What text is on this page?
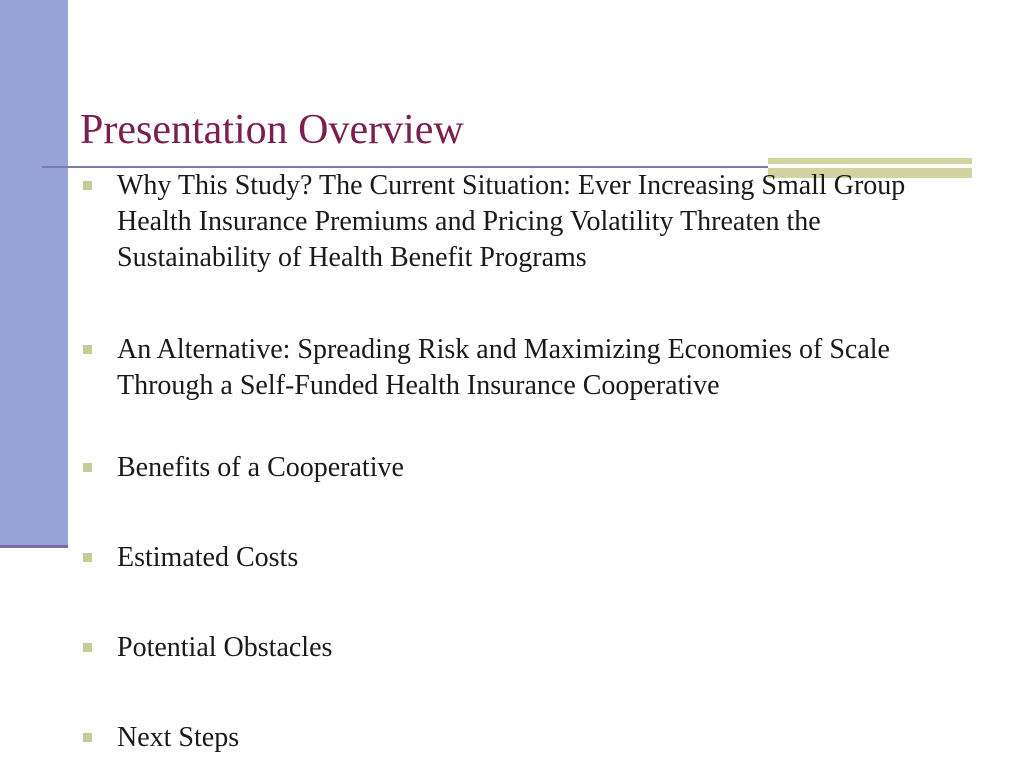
Presentation Overview
Why This Study? The Current Situation: Ever Increasing Small Group Health Insurance Premiums and Pricing Volatility Threaten the Sustainability of Health Benefit Programs
An Alternative: Spreading Risk and Maximizing Economies of Scale Through a Self-Funded Health Insurance Cooperative
Benefits of a Cooperative
Estimated Costs
Potential Obstacles
Next Steps
